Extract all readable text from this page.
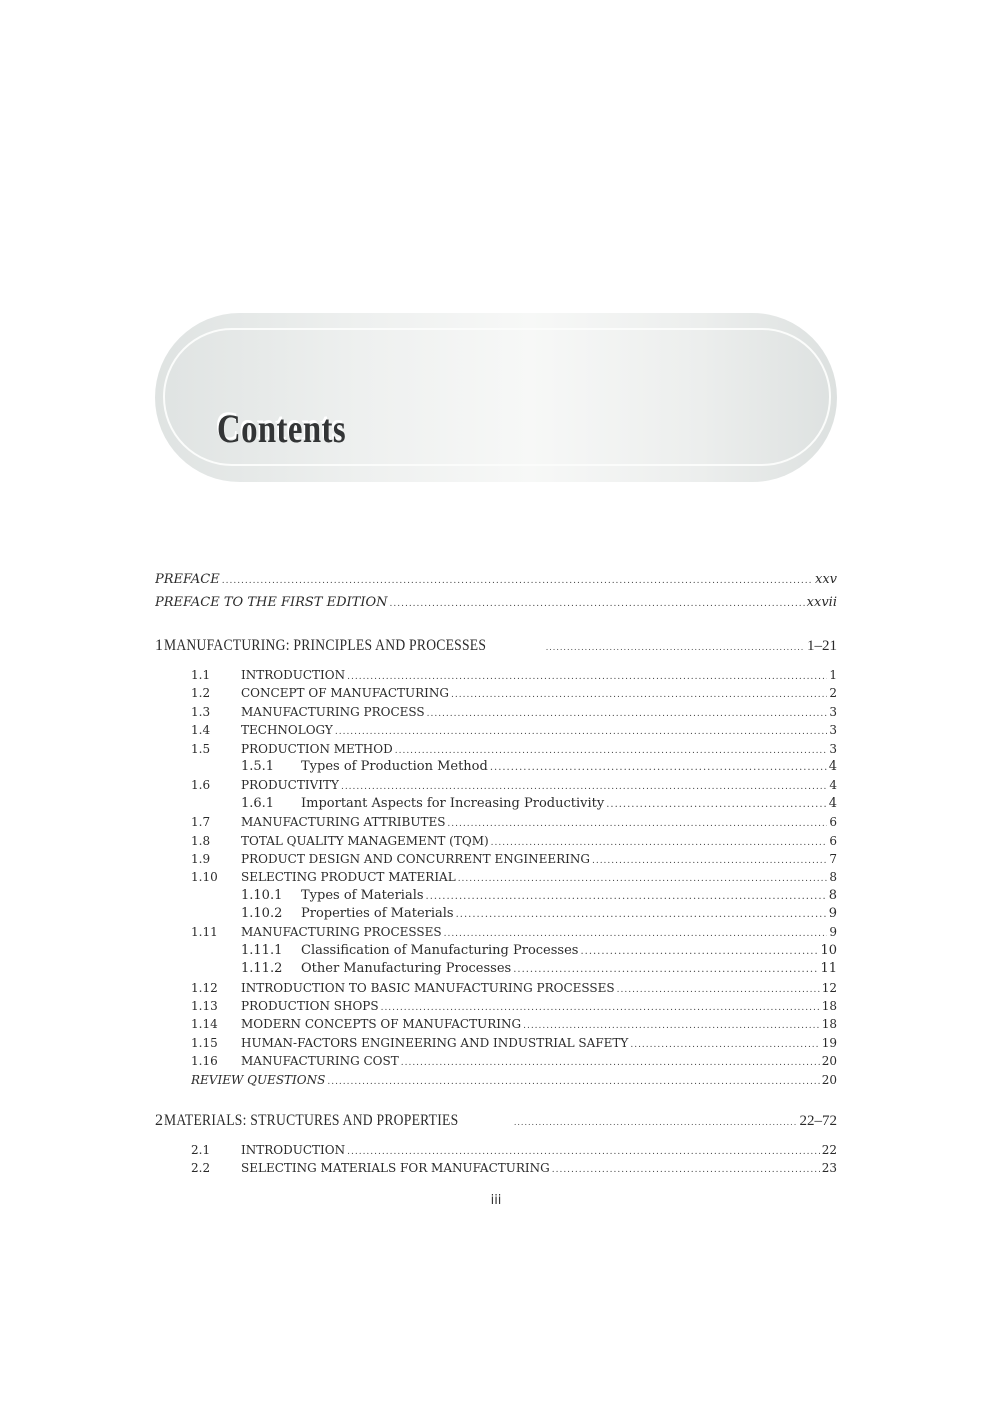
Contents
PREFACE .....	xxv
PREFACE TO THE FIRST EDITION .....	xxvii
1 MANUFACTURING: PRINCIPLES AND PROCESSES .....	1–21
1.1	INTRODUCTION .....	1
1.2	CONCEPT OF MANUFACTURING .....	2
1.3	MANUFACTURING PROCESS .....	3
1.4	TECHNOLOGY .....	3
1.5	PRODUCTION METHOD .....	3
1.5.1	Types of Production Method .....	4
1.6	PRODUCTIVITY .....	4
1.6.1	Important Aspects for Increasing Productivity .....	4
1.7	MANUFACTURING ATTRIBUTES .....	6
1.8	TOTAL QUALITY MANAGEMENT (TQM) .....	6
1.9	PRODUCT DESIGN AND CONCURRENT ENGINEERING .....	7
1.10	SELECTING PRODUCT MATERIAL .....	8
1.10.1	Types of Materials .....	8
1.10.2	Properties of Materials .....	9
1.11	MANUFACTURING PROCESSES .....	9
1.11.1	Classification of Manufacturing Processes .....	10
1.11.2	Other Manufacturing Processes .....	11
1.12	INTRODUCTION TO BASIC MANUFACTURING PROCESSES .....	12
1.13	PRODUCTION SHOPS .....	18
1.14	MODERN CONCEPTS OF MANUFACTURING .....	18
1.15	HUMAN-FACTORS ENGINEERING AND INDUSTRIAL SAFETY .....	19
1.16	MANUFACTURING COST .....	20
REVIEW QUESTIONS .....	20
2 MATERIALS: STRUCTURES AND PROPERTIES .....	22–72
2.1	INTRODUCTION .....	22
2.2	SELECTING MATERIALS FOR MANUFACTURING .....	23
iii
